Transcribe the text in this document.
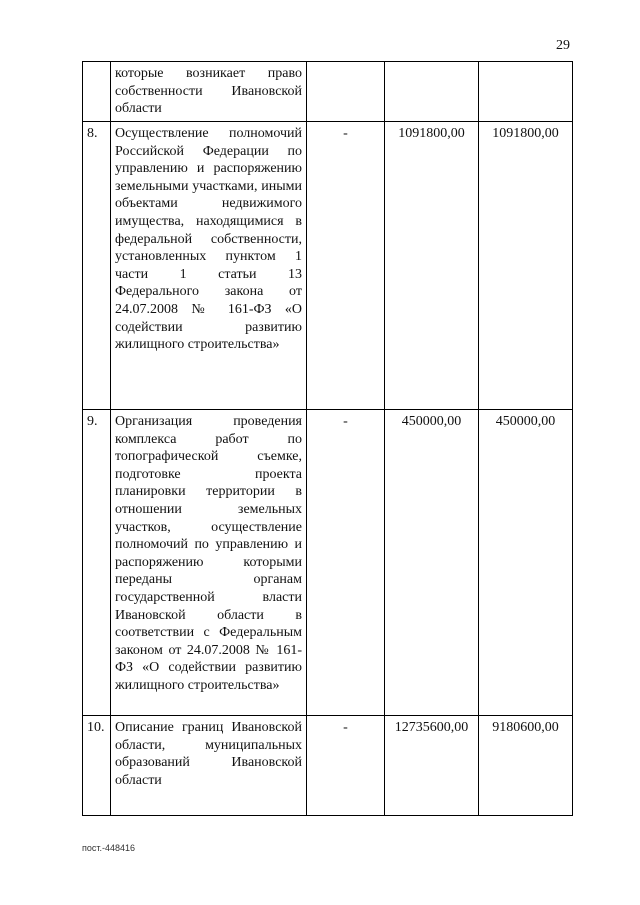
29
	которые возникает право собственности Ивановской области			
8.	Осуществление полномочий Российской Федерации по управлению и распоряжению земельными участками, иными объектами недвижимого имущества, находящимися в федеральной собственности, установленных пунктом 1 части 1 статьи 13 Федерального закона от 24.07.2008 № 161-ФЗ «О содействии развитию жилищного строительства»	-	1091800,00	1091800,00
9.	Организация проведения комплекса работ по топографической съемке, подготовке проекта планировки территории в отношении земельных участков, осуществление полномочий по управлению и распоряжению которыми переданы органам государственной власти Ивановской области в соответствии с Федеральным законом от 24.07.2008 № 161-ФЗ «О содействии развитию жилищного строительства»	-	450000,00	450000,00
10.	Описание границ Ивановской области, муниципальных образований Ивановской области	-	12735600,00	9180600,00
пост.-448416
